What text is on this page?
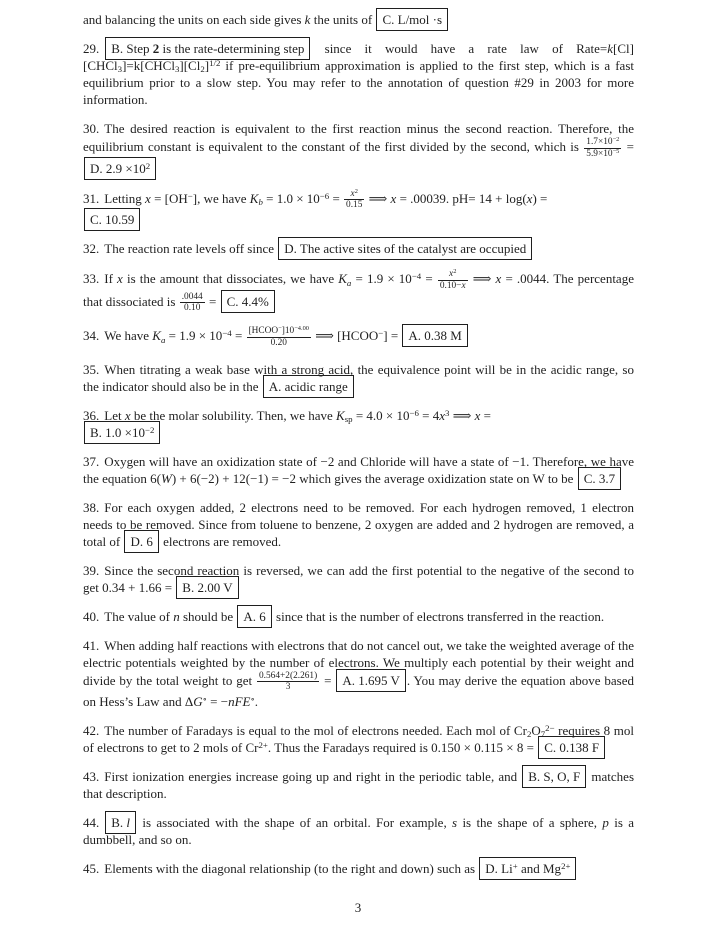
and balancing the units on each side gives k the units of C. L/mol ·s

29. B. Step 2 is the rate-determining step since it would have a rate law of $Rate=k[Cl][CHCl_3]=k[CHCl_3][Cl_2]^{1/2}$ if pre-equilibrium approximation is applied to the first step, which is a fast equilibrium prior to a slow step. You may refer to the annotation of question #29 in 2003 for more information.

30. The desired reaction is equivalent to the first reaction minus the second reaction. Therefore, the equilibrium constant is equivalent to the constant of the first divided by the second, which is $\frac{1.7\times 10^{-2}}{5.9\times 10^{-5}} = D$. $2.9 \times 10^2$

31. Letting x = [OH−], we have $K_b = 1.0 \times 10^{-6} = \frac{x^2}{0.15}$ ⟹ x = .00039. pH= 14 + log(x) =
C. 10.59

32. The reaction rate levels off since D. The active sites of the catalyst are occupied

33. If x is the amount that dissociates, we have $K_a = 1.9 \times 10^{-4} = \frac{x^2}{0.10-x}$ ⟹ x = .0044. The percentage that dissociated is $\frac{.0044}{0.10} = C$. 4.4%

34. We have $K_a = 1.9 \times 10^{-4} = \frac{[HCOO^-]10^{-4.00}}{0.20}$ ⟹ [HCOO−] = A. 0.38 M

35. When titrating a weak base with a strong acid, the equivalence point will be in the acidic range, so the indicator should also be in the A. acidic range

36. Let x be the molar solubility. Then, we have $K_{sp} = 4.0 \times 10^{-6} = 4x^3$ ⟹ x =
B. $1.0 \times 10^{-2}$

37. Oxygen will have an oxidization state of −2 and Chloride will have a state of −1. Therefore, we have the equation 6(W) + 6(−2) + 12(−1) = −2 which gives the average oxidization state on W to be C. 3.7

38. For each oxygen added, 2 electrons need to be removed. For each hydrogen removed, 1 electron needs to be removed. Since from toluene to benzene, 2 oxygen are added and 2 hydrogen are removed, a total of D. 6 electrons are removed.

39. Since the second reaction is reversed, we can add the first potential to the negative of the second to get 0.34 + 1.66 = B. 2.00 V

40. The value of n should be A. 6 since that is the number of electrons transferred in the reaction.

41. When adding half reactions with electrons that do not cancel out, we take the weighted average of the electric potentials weighted by the number of electrons. We multiply each potential by their weight and divide by the total weight to get $\frac{0.564+2(2.261)}{3} = A$. 1.695 V . You may derive the equation above based on Hess’s Law and ΔG∘ = −nFE∘.

42. The number of Faradays is equal to the mol of electrons needed. Each mol of $Cr_2O_7^{2-}$ requires 8 mol of electrons to get to 2 mols of $Cr^{2+}$. Thus the Faradays required is 0.150 × 0.115 × 8 = C. 0.138 F

43. First ionization energies increase going up and right in the periodic table, and B. S, O, F matches that description.

44. B. l is associated with the shape of an orbital. For example, s is the shape of a sphere, p is a dumbbell, and so on.

45. Elements with the diagonal relationship (to the right and down) such as D. Li+ and $Mg^{2+}$

3
